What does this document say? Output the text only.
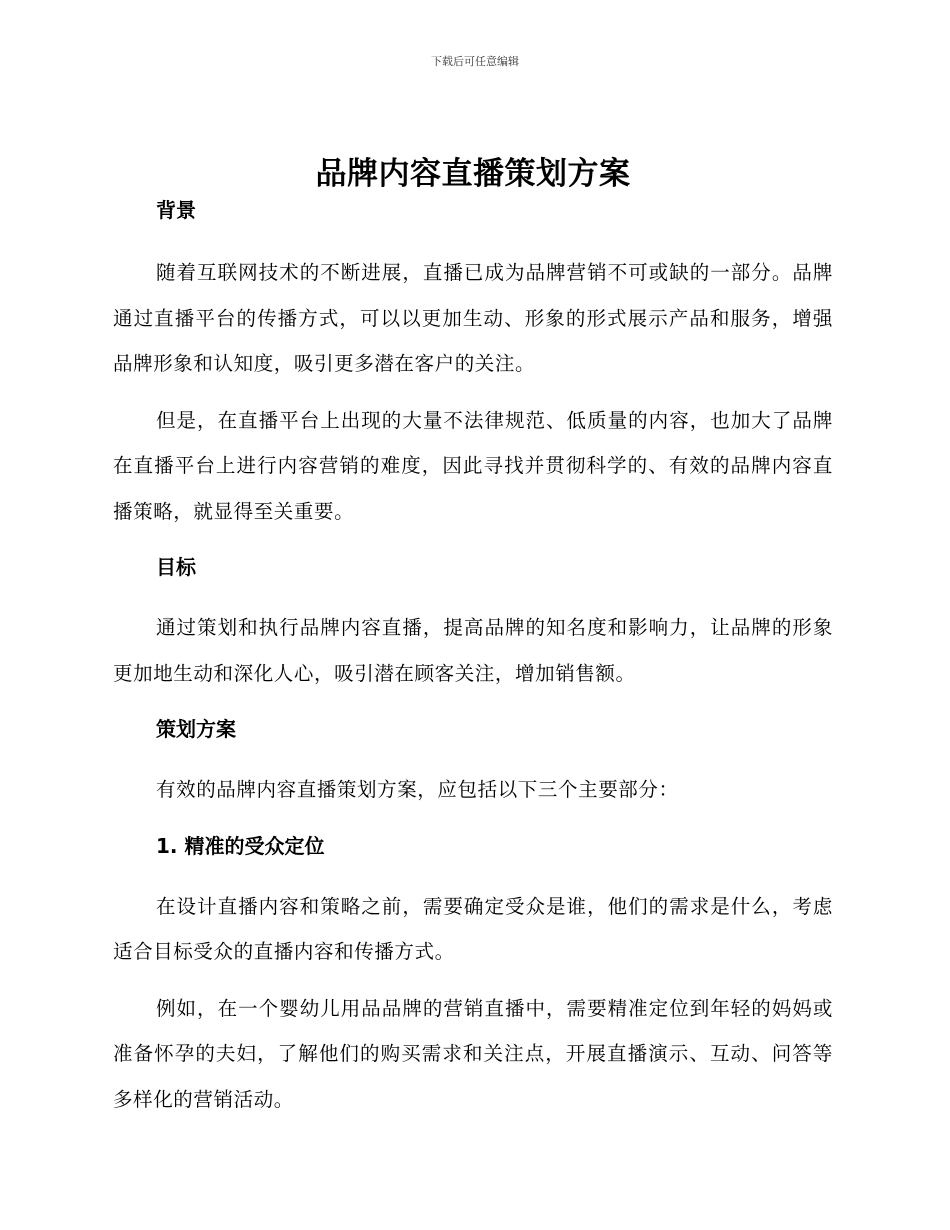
下载后可任意编辑
品牌内容直播策划方案
背景

随着互联网技术的不断进展，直播已成为品牌营销不可或缺的一部分。品牌通过直播平台的传播方式，可以以更加生动、形象的形式展示产品和服务，增强品牌形象和认知度，吸引更多潜在客户的关注。

但是，在直播平台上出现的大量不法律规范、低质量的内容，也加大了品牌在直播平台上进行内容营销的难度，因此寻找并贯彻科学的、有效的品牌内容直播策略，就显得至关重要。

目标

通过策划和执行品牌内容直播，提高品牌的知名度和影响力，让品牌的形象更加地生动和深化人心，吸引潜在顾客关注，增加销售额。

策划方案

有效的品牌内容直播策划方案，应包括以下三个主要部分：

1. 精准的受众定位

在设计直播内容和策略之前，需要确定受众是谁，他们的需求是什么，考虑适合目标受众的直播内容和传播方式。

例如，在一个婴幼儿用品品牌的营销直播中，需要精准定位到年轻的妈妈或准备怀孕的夫妇，了解他们的购买需求和关注点，开展直播演示、互动、问答等多样化的营销活动。
